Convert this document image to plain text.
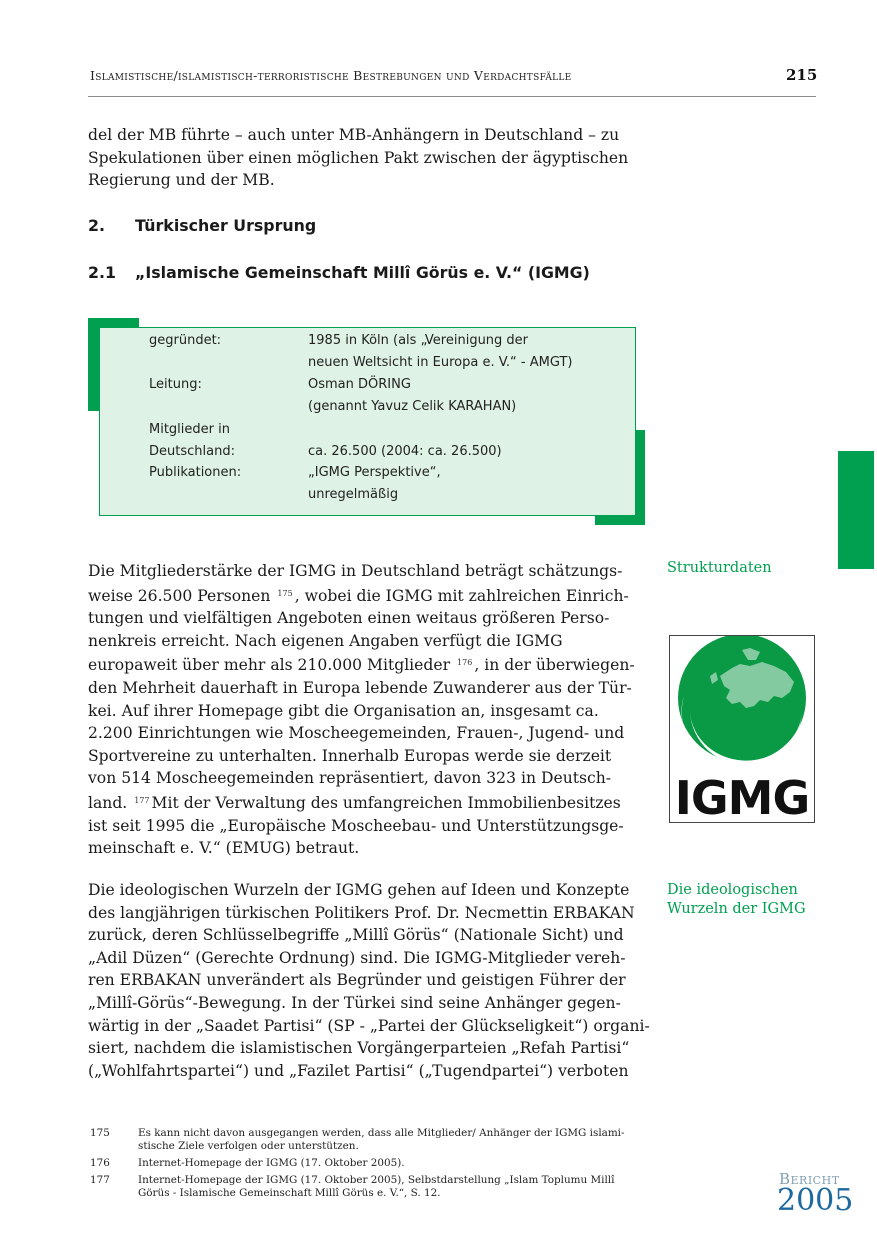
Islamistische/islamistisch-terroristische Bestrebungen und Verdachtsfälle	215

del der MB führte – auch unter MB-Anhängern in Deutschland – zu

Spekulationen über einen möglichen Pakt zwischen der ägyptischen

Regierung und der MB.

2. Türkischer Ursprung
2.1 „Islamische Gemeinschaft Millî Görüs e. V.“ (IGMG)
gegründet:	1985 in Köln (als „Vereinigung der
neuen Weltsicht in Europa e. V.“ - AMGT)
Leitung:	Osman DÖRING
(genannt Yavuz Celik KARAHAN)
Mitglieder in
Deutschland:	ca. 26.500 (2004: ca. 26.500)
Publikationen:	„IGMG Perspektive“,
unregelmäßig

Die Mitgliederstärke der IGMG in Deutschland beträgt schätzungs-

weise 26.500 Personen $^{175}$ , wobei die IGMG mit zahlreichen Einrich-

tungen und vielfältigen Angeboten einen weitaus größeren Perso-

nenkreis erreicht. Nach eigenen Angaben verfügt die IGMG

europaweit über mehr als 210.000 Mitglieder $^{176}$ , in der überwiegen-

den Mehrheit dauerhaft in Europa lebende Zuwanderer aus der Tür-

kei. Auf ihrer Homepage gibt die Organisation an, insgesamt ca.

2.200 Einrichtungen wie Moscheegemeinden, Frauen-, Jugend- und

Sportvereine zu unterhalten. Innerhalb Europas werde sie derzeit

von 514 Moscheegemeinden repräsentiert, davon 323 in Deutsch-

land. $^{177}$ Mit der Verwaltung des umfangreichen Immobilienbesitzes

ist seit 1995 die „Europäische Moscheebau- und Unterstützungsge-

meinschaft e. V.“ (EMUG) betraut.

Die ideologischen Wurzeln der IGMG gehen auf Ideen und Konzepte

des langjährigen türkischen Politikers Prof. Dr. Necmettin ERBAKAN

zurück, deren Schlüsselbegriffe „Millî Görüs“ (Nationale Sicht) und

„Adil Düzen“ (Gerechte Ordnung) sind. Die IGMG-Mitglieder vereh-

ren ERBAKAN unverändert als Begründer und geistigen Führer der

„Millî-Görüs“-Bewegung. In der Türkei sind seine Anhänger gegen-

wärtig in der „Saadet Partisi“ (SP - „Partei der Glückseligkeit“) organi-

siert, nachdem die islamistischen Vorgängerparteien „Refah Partisi“

(„Wohlfahrtspartei“) und „Fazilet Partisi“ („Tugendpartei“) verboten

Strukturdaten
Die ideologischen
Wurzeln der IGMG
IGMG
175	Es kann nicht davon ausgegangen werden, dass alle Mitglieder/ Anhänger der IGMG islami-
stische Ziele verfolgen oder unterstützen.
176	Internet-Homepage der IGMG (17. Oktober 2005).
177	Internet-Homepage der IGMG (17. Oktober 2005), Selbstdarstellung „Islam Toplumu Millî
Görüs - Islamische Gemeinschaft Millî Görüs e. V.“, S. 12.
Bericht
2005
